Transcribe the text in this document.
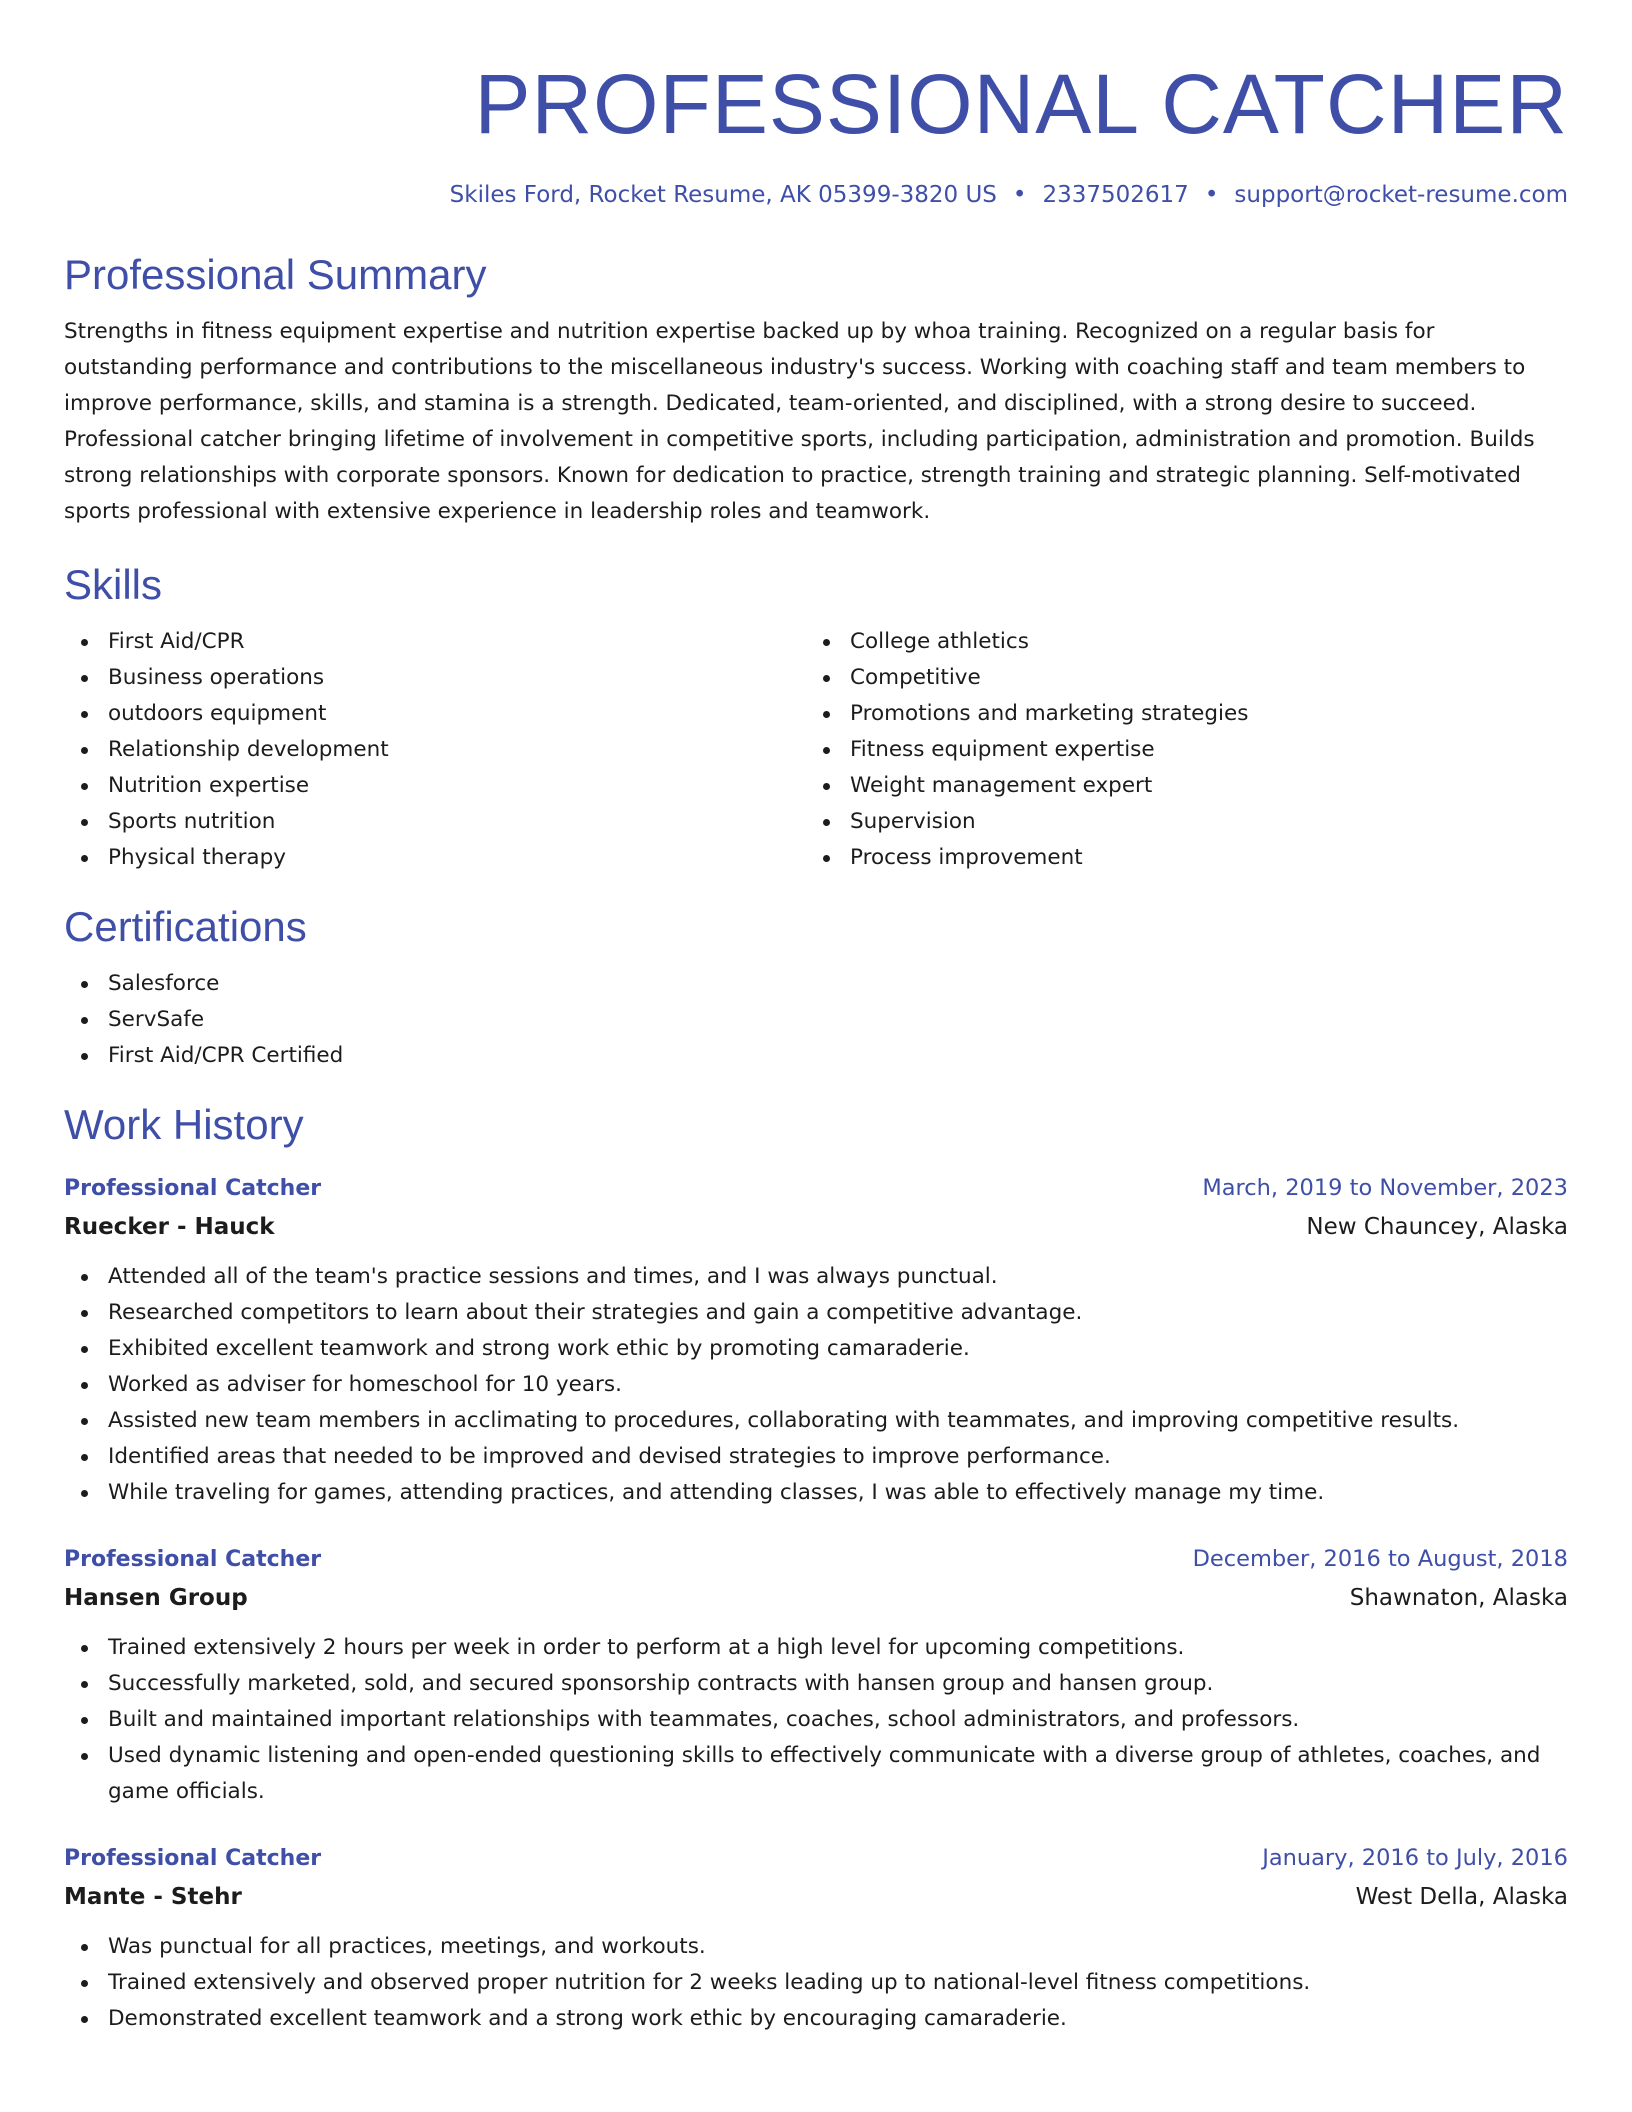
PROFESSIONAL CATCHER
Skiles Ford, Rocket Resume, AK 05399-3820 US • 2337502617 • support@rocket-resume.com
Professional Summary
Strengths in fitness equipment expertise and nutrition expertise backed up by whoa training. Recognized on a regular basis for outstanding performance and contributions to the miscellaneous industry's success. Working with coaching staff and team members to improve performance, skills, and stamina is a strength. Dedicated, team-oriented, and disciplined, with a strong desire to succeed. Professional catcher bringing lifetime of involvement in competitive sports, including participation, administration and promotion. Builds strong relationships with corporate sponsors. Known for dedication to practice, strength training and strategic planning. Self-motivated sports professional with extensive experience in leadership roles and teamwork.
Skills
First Aid/CPR
Business operations
outdoors equipment
Relationship development
Nutrition expertise
Sports nutrition
Physical therapy
College athletics
Competitive
Promotions and marketing strategies
Fitness equipment expertise
Weight management expert
Supervision
Process improvement
Certifications
Salesforce
ServSafe
First Aid/CPR Certified
Work History
Professional Catcher	March, 2019 to November, 2023
Ruecker - Hauck	New Chauncey, Alaska
Attended all of the team's practice sessions and times, and I was always punctual.
Researched competitors to learn about their strategies and gain a competitive advantage.
Exhibited excellent teamwork and strong work ethic by promoting camaraderie.
Worked as adviser for homeschool for 10 years.
Assisted new team members in acclimating to procedures, collaborating with teammates, and improving competitive results.
Identified areas that needed to be improved and devised strategies to improve performance.
While traveling for games, attending practices, and attending classes, I was able to effectively manage my time.
Professional Catcher	December, 2016 to August, 2018
Hansen Group	Shawnaton, Alaska
Trained extensively 2 hours per week in order to perform at a high level for upcoming competitions.
Successfully marketed, sold, and secured sponsorship contracts with hansen group and hansen group.
Built and maintained important relationships with teammates, coaches, school administrators, and professors.
Used dynamic listening and open-ended questioning skills to effectively communicate with a diverse group of athletes, coaches, and game officials.
Professional Catcher	January, 2016 to July, 2016
Mante - Stehr	West Della, Alaska
Was punctual for all practices, meetings, and workouts.
Trained extensively and observed proper nutrition for 2 weeks leading up to national-level fitness competitions.
Demonstrated excellent teamwork and a strong work ethic by encouraging camaraderie.
